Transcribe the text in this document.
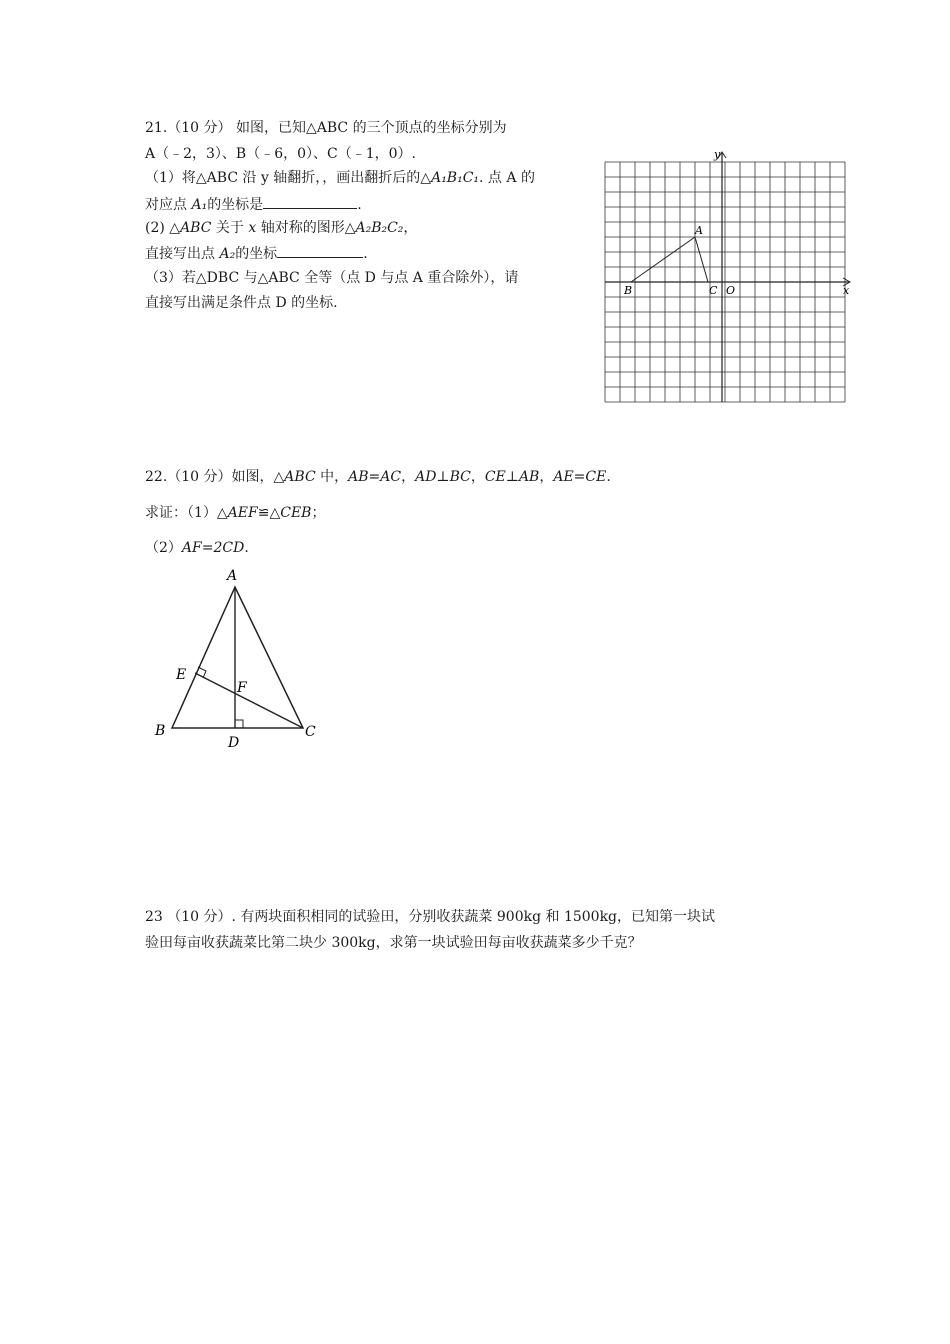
21.（10 分） 如图，已知△ABC 的三个顶点的坐标分别为
A（﹣2，3）、B（﹣6，0）、C（﹣1，0）.
（1）将△ABC 沿 y 轴翻折，，画出翻折后的△A₁B₁C₁. 点 A 的
对应点 A₁的坐标是	.
(2) △ABC 关于 x 轴对称的图形△A₂B₂C₂，
直接写出点 A₂的坐标	.
（3）若△DBC 与△ABC 全等（点 D 与点 A 重合除外），请
直接写出满足条件点 D 的坐标.
y
x
A
B	C O
22.（10 分）如图，△ABC 中，AB=AC，AD⊥BC，CE⊥AB，AE=CE.
求证：（1）△AEF≌△CEB；
（2）AF=2CD.
A
E
F
B
D
C
23 （10 分）. 有两块面积相同的试验田，分别收获蔬菜 900kg 和 1500kg，已知第一块试
验田每亩收获蔬菜比第二块少 300kg，求第一块试验田每亩收获蔬菜多少千克？
